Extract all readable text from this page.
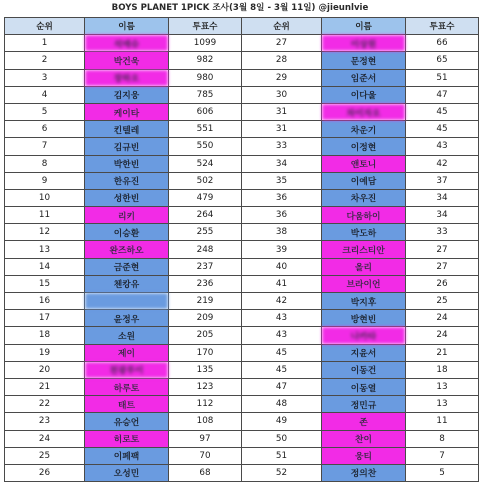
BOYS PLANET 1PICK 조사(3월 8일 - 3월 11일) @jieunlvie
순위	이름	투표수	순위	이름	투표수
1	석매슈	1099	27	이상원	66
2	박건욱	982	28	문정현	65
3	장하오	980	29	임준서	51
4	김지웅	785	30	이다울	47
5	케이타	606	31	차이자오	45
6	킨텔레	551	31	차운기	45
7	김규빈	550	33	이정현	43
8	박한빈	524	34	앤토니	42
9	한유진	502	35	이예담	37
10	성한빈	479	36	차우진	34
11	리키	264	36	다움하이	34
12	이승환	255	38	박도하	33
13	완즈하오	248	39	크리스티안	27
14	금준현	237	40	올리	27
15	첸캉유	236	41	브라이언	26
16		219	42	박지후	25
17	윤정우	209	43	방현빈	24
18	소원	205	43	나카타	24
19	제이	170	45	지윤서	21
20	천광루이	135	45	이동건	18
21	하루토	123	47	이동열	13
22	태트	112	48	정민규	13
23	유승언	108	49	존	11
24	히로토	97	50	찬이	8
25	이페팩	70	51	웅티	7
26	오성민	68	52	정의찬	5
